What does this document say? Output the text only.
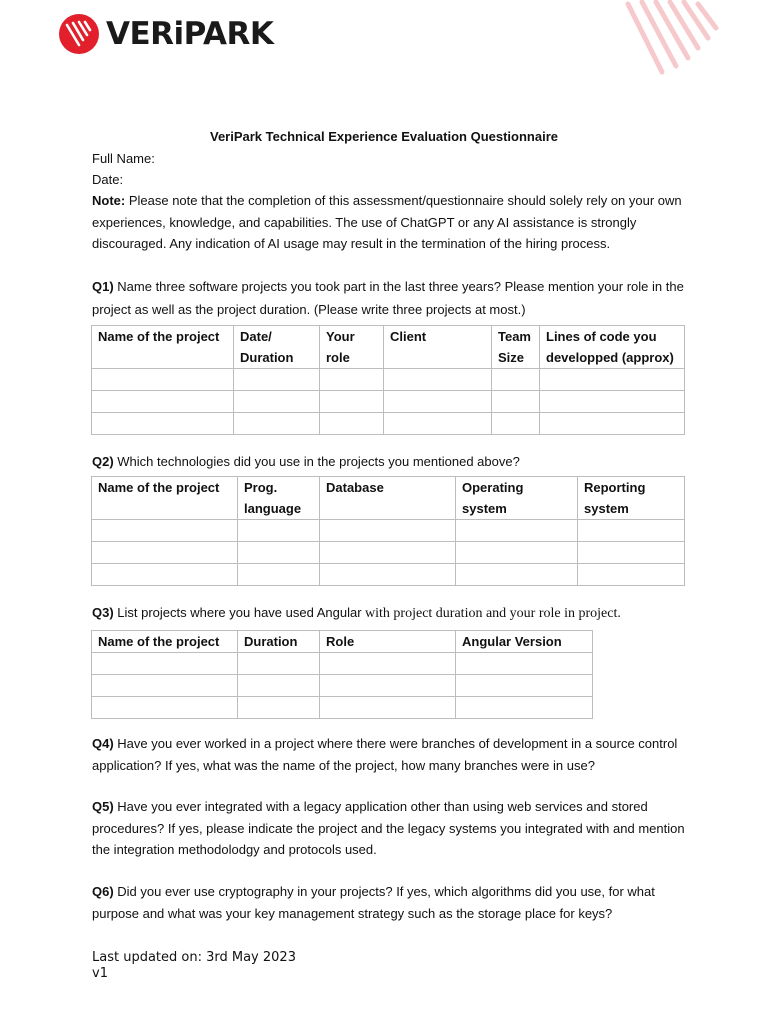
VERiPARK
VeriPark Technical Experience Evaluation Questionnaire
Full Name:
Date:
Note: Please note that the completion of this assessment/questionnaire should solely rely on your own experiences, knowledge, and capabilities. The use of ChatGPT or any AI assistance is strongly discouraged. Any indication of AI usage may result in the termination of the hiring process.
Q1) Name three software projects you took part in the last three years? Please mention your role in the project as well as the project duration. (Please write three projects at most.)
Name of the project	Date/ Duration	Your role	Client	Team Size	Lines of code you developped (approx)

Q2) Which technologies did you use in the projects you mentioned above?
Name of the project	Prog. language	Database	Operating system	Reporting system

Q3) List projects where you have used Angular with project duration and your role in project.
Name of the project	Duration	Role	Angular Version

Q4) Have you ever worked in a project where there were branches of development in a source control application? If yes, what was the name of the project, how many branches were in use?
Q5) Have you ever integrated with a legacy application other than using web services and stored procedures? If yes, please indicate the project and the legacy systems you integrated with and mention the integration methodolodgy and protocols used.
Q6) Did you ever use cryptography in your projects? If yes, which algorithms did you use, for what purpose and what was your key management strategy such as the storage place for keys?
Last updated on: 3rd May 2023
v1
